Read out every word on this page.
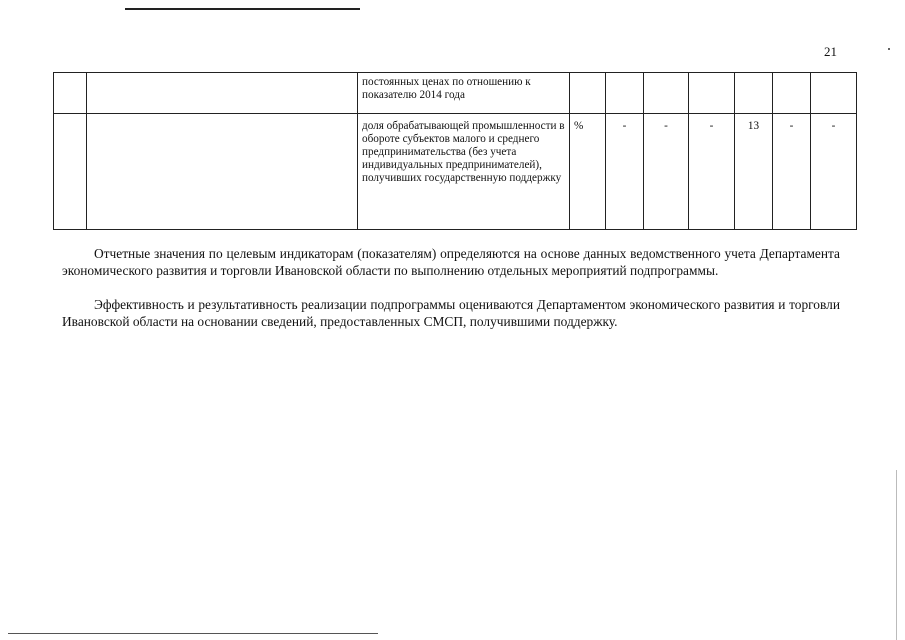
21
		постоянных ценах по отношению к показателю 2014 года							
		доля обрабатывающей промышленности в обороте субъектов малого и среднего предпринимательства (без учета индивидуальных предпринимателей), получивших государственную поддержку	%	-	-	-	13	-	-

Отчетные значения по целевым индикаторам (показателям) определяются на основе данных ведомственного учета Департамента экономического развития и торговли Ивановской области по выполнению отдельных мероприятий подпрограммы.

Эффективность и результативность реализации подпрограммы оцениваются Департаментом экономического развития и торговли Ивановской области на основании сведений, предоставленных СМСП, получившими поддержку.
